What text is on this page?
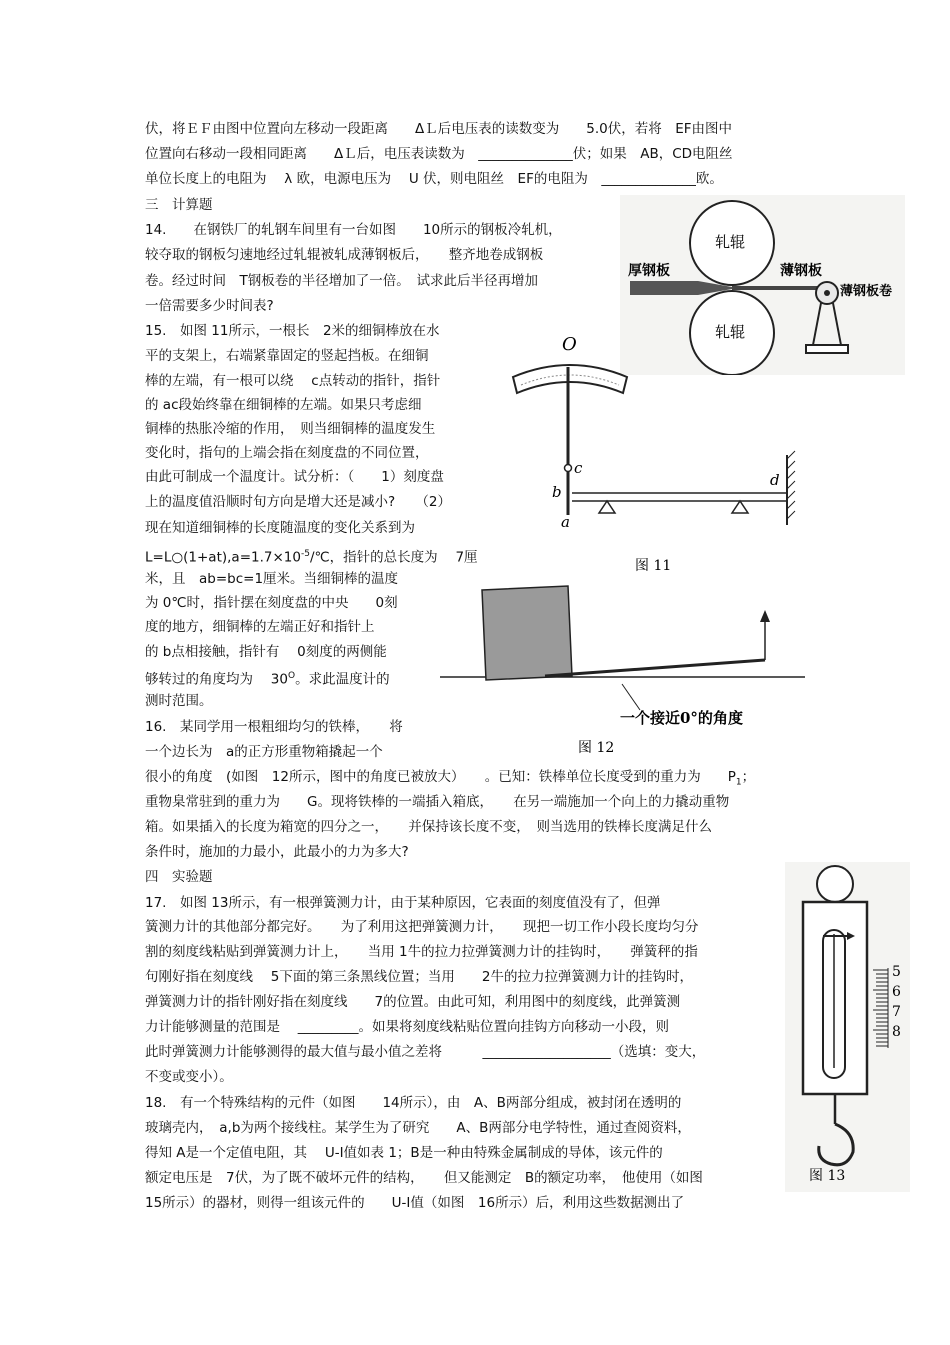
伏，将ＥＦ由图中位置向左移动一段距离　　ΔＬ后电压表的读数变为　　5.0伏，若将　EF由图中
位置向右移动一段相同距离　　ΔＬ后，电压表读数为　______________伏；如果　AB，CD电阻丝
单位长度上的电阻为　 λ 欧，电源电压为　 U 伏，则电阻丝　EF的电阻为　______________欧。
三　计算题
14.　　在钢铁厂的轧钢车间里有一台如图　　10所示的钢板冷轧机，
较夺取的钢板匀速地经过轧辊被轧成薄钢板后，　　整齐地卷成钢板
卷。经过时间　T钢板卷的半径增加了一倍。　试求此后半径再增加
一倍需要多少时间表?
15.　如图 11所示，一根长　2米的细铜棒放在水
平的支架上，右端紧靠固定的竖起挡板。在细铜
棒的左端，有一根可以绕　 c点转动的指针，指针
的 ac段始终靠在细铜棒的左端。如果只考虑细
铜棒的热胀冷缩的作用，　则当细铜棒的温度发生
变化时，指句的上端会指在刻度盘的不同位置，
由此可制成一个温度计。试分析：（　　1）刻度盘
上的温度值沿顺时旬方向是增大还是减小?　　（2）
现在知道细铜棒的长度随温度的变化关系到为
$L=L○(1+at),a=1.7\times 10^{-5}/℃$，指针的总长度为　 7厘
米，且　ab=bc=1厘米。当细铜棒的温度
为 0℃时，指针摆在刻度盘的中央　　0刻
度的地方，细铜棒的左端正好和指针上
的 b点相接触，指针有　 0刻度的两侧能
够转过的角度均为　 $30^O$。求此温度计的
测时范围。
16.　某同学用一根粗细均匀的铁棒，　　将
一个边长为　a的正方形重物箱撬起一个
很小的角度　(如图　12所示，图中的角度已被放大）　　。已知：铁棒单位长度受到的重力为　　$P_1$；
重物臬常驻到的重力为　　G。现将铁棒的一端插入箱底，　　在另一端施加一个向上的力撬动重物
箱。如果插入的长度为箱宽的四分之一，　　并保持该长度不变，　则当选用的铁棒长度满足什么
条件时，施加的力最小，此最小的力为多大?
四　实验题
17.　如图 13所示，有一根弹簧测力计，由于某种原因，它表面的刻度值没有了，但弹
簧测力计的其他部分都完好。　　为了利用这把弹簧测力计，　　现把一切工作小段长度均匀分
割的刻度线粘贴到弹簧测力计上，　　当用 1牛的拉力拉弹簧测力计的挂钩时，　　弹簧秤的指
句刚好指在刻度线　 5下面的第三条黑线位置；当用　　2牛的拉力拉弹簧测力计的挂钩时，
弹簧测力计的指针刚好指在刻度线　　7的位置。由此可知，利用图中的刻度线，此弹簧测
力计能够测量的范围是　 _________。如果将刻度线粘贴位置向挂钩方向移动一小段，则
此时弹簧测力计能够测得的最大值与最小值之差将　　　___________________（选填：变大，
不变或变小）。
18.　有一个特殊结构的元件（如图　　14所示），由　A、B两部分组成，被封闭在透明的
玻璃壳内，　a,b为两个接线柱。某学生为了研究　　A、B两部分电学特性，通过查阅资料，
得知 A是一个定值电阻，其　 U-I值如表 1；B是一种由特殊金属制成的导体，该元件的
额定电压是　7伏，为了既不破坏元件的结构，　　但又能测定　B的额定功率，　他使用（如图
15所示）的器材，则得一组该元件的　　U-I值（如图　16所示）后，利用这些数据测出了
轧辊
轧辊
厚钢板	薄钢板
薄钢板卷
O
c
b
a
d
图 11
一个接近0°的角度
图 12
5
6
7
8
图 13
